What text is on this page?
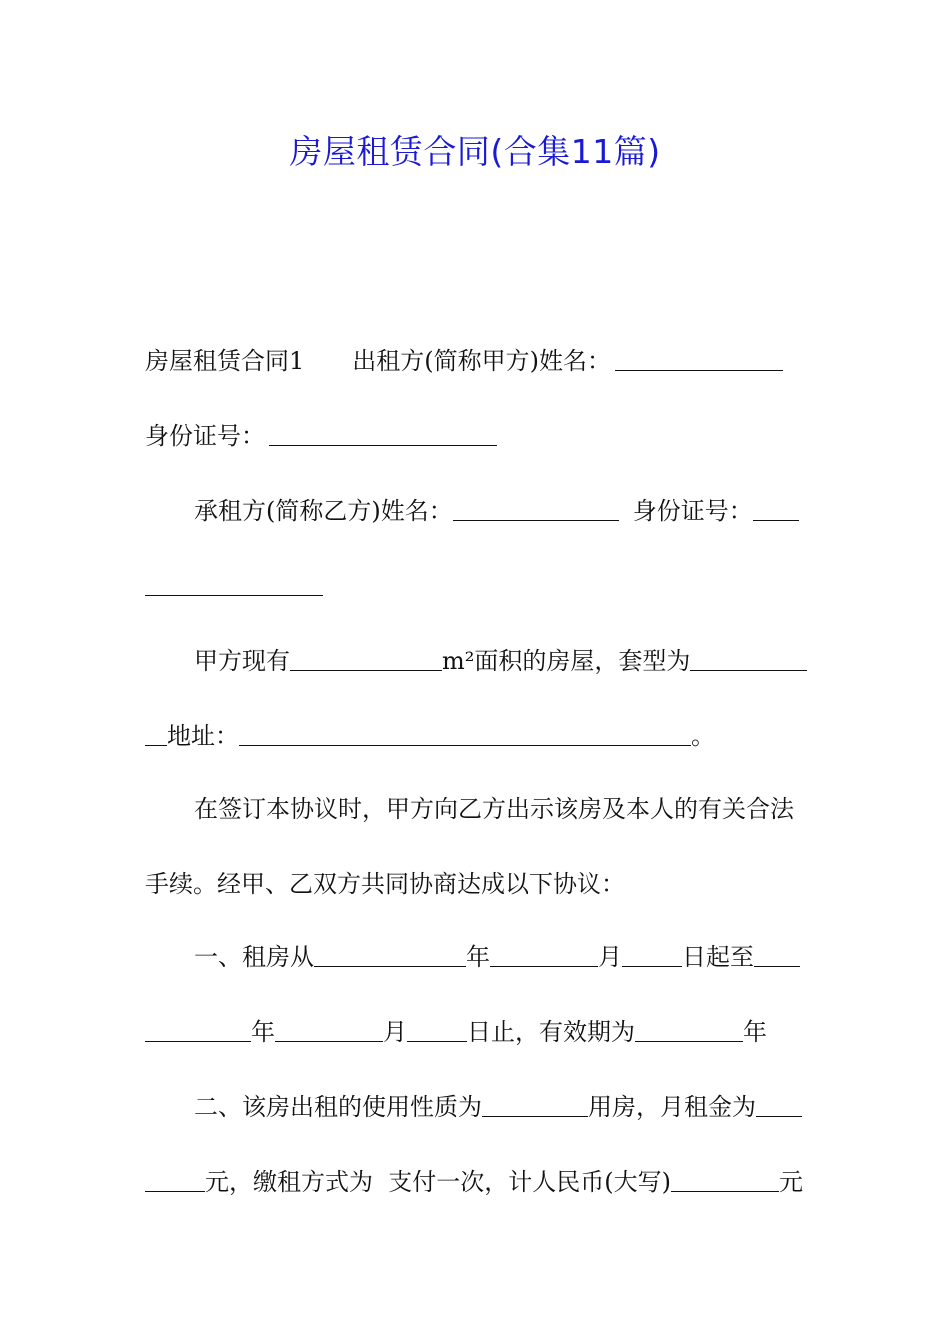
房屋租赁合同(合集11篇)
房屋租赁合同1 出租方(简称甲方)姓名：
身份证号：
承租方(简称乙方)姓名：	身份证号：
甲方现有	m²面积的房屋，套型为
地址：	。
在签订本协议时，甲方向乙方出示该房及本人的有关合法
手续。经甲、乙双方共同协商达成以下协议：
一、租房从	年	月	日起至
年	月	日止，有效期为	年
二、该房出租的使用性质为	用房，月租金为
元，缴租方式为  支付一次，计人民币(大写)	元
